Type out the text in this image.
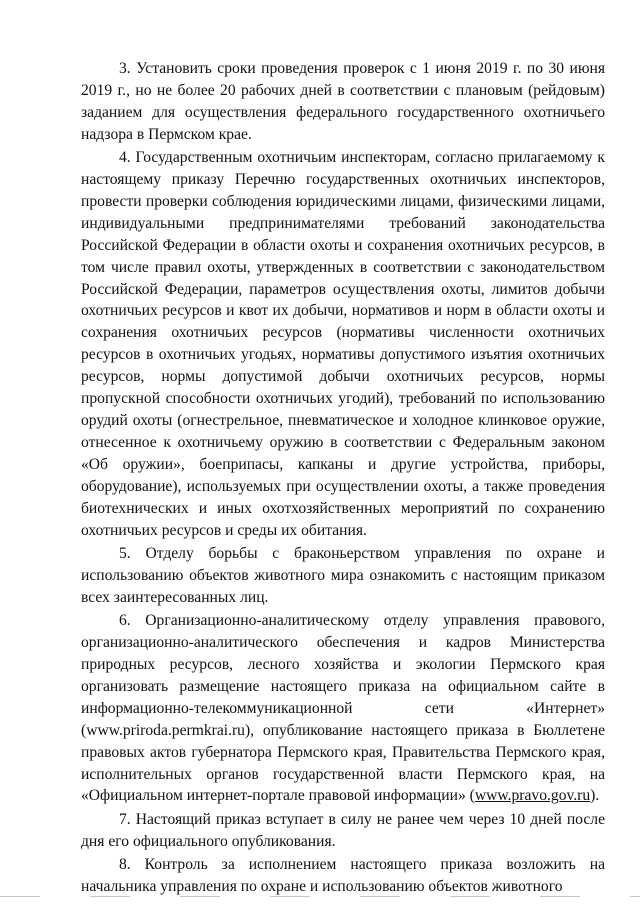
3. Установить сроки проведения проверок с 1 июня 2019 г. по 30 июня 2019 г., но не более 20 рабочих дней в соответствии с плановым (рейдовым) заданием для осуществления федерального государственного охотничьего надзора в Пермском крае.

4. Государственным охотничьим инспекторам, согласно прилагаемому к настоящему приказу Перечню государственных охотничьих инспекторов, провести проверки соблюдения юридическими лицами, физическими лицами, индивидуальными предпринимателями требований законодательства Российской Федерации в области охоты и сохранения охотничьих ресурсов, в том числе правил охоты, утвержденных в соответствии с законодательством Российской Федерации, параметров осуществления охоты, лимитов добычи охотничьих ресурсов и квот их добычи, нормативов и норм в области охоты и сохранения охотничьих ресурсов (нормативы численности охотничьих ресурсов в охотничьих угодьях, нормативы допустимого изъятия охотничьих ресурсов, нормы допустимой добычи охотничьих ресурсов, нормы пропускной способности охотничьих угодий), требований по использованию орудий охоты (огнестрельное, пневматическое и холодное клинковое оружие, отнесенное к охотничьему оружию в соответствии с Федеральным законом «Об оружии», боеприпасы, капканы и другие устройства, приборы, оборудование), используемых при осуществлении охоты, а также проведения биотехнических и иных охотхозяйственных мероприятий по сохранению охотничьих ресурсов и среды их обитания.

5. Отделу борьбы с браконьерством управления по охране и использованию объектов животного мира ознакомить с настоящим приказом всех заинтересованных лиц.

6. Организационно-аналитическому отделу управления правового, организационно-аналитического обеспечения и кадров Министерства природных ресурсов, лесного хозяйства и экологии Пермского края организовать размещение настоящего приказа на официальном сайте в информационно-телекоммуникационной сети «Интернет» (www.priroda.permkrai.ru), опубликование настоящего приказа в Бюллетене правовых актов губернатора Пермского края, Правительства Пермского края, исполнительных органов государственной власти Пермского края, на «Официальном интернет-портале правовой информации» (www.pravo.gov.ru).

7. Настоящий приказ вступает в силу не ранее чем через 10 дней после дня его официального опубликования.

8. Контроль за исполнением настоящего приказа возложить на начальника управления по охране и использованию объектов животного
